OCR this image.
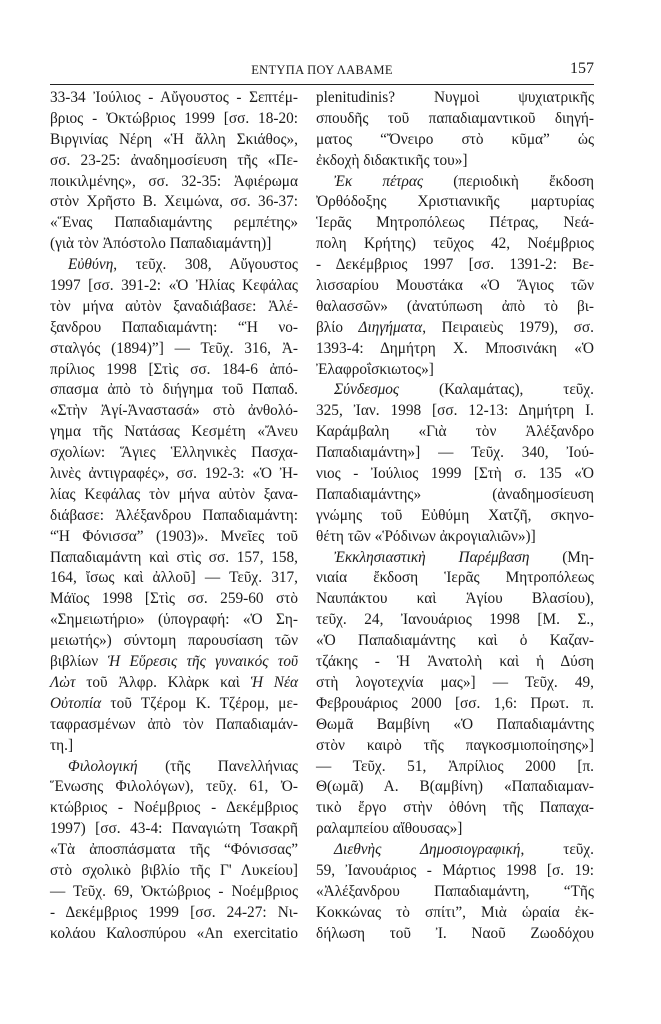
ΕΝΤΥΠΑ ΠΟΥ ΛΑΒΑΜΕ	157
33-34 Ἰούλιος - Αὔγουστος - Σεπτέμ-
βριος - Ὀκτώβριος 1999 [σσ. 18-20:
Βιργινίας Νέρη «Ἡ ἄλλη Σκιάθος»,
σσ. 23-25: ἀναδημοσίευση τῆς «Πε-
ποικιλμένης», σσ. 32-35: Ἀφιέρωμα
στὸν Χρῆστο Β. Χειμώνα, σσ. 36-37:
«Ἕνας Παπαδιαμάντης ρεμπέτης»
(γιὰ τὸν Ἀπόστολο Παπαδιαμάντη)]
Εὐθύνη, τεῦχ. 308, Αὔγουστος
1997 [σσ. 391-2: «Ὁ Ἠλίας Κεφάλας
τὸν μήνα αὐτὸν ξαναδιάβασε: Ἀλέ-
ξανδρου Παπαδιαμάντη: “Ἡ νο-
σταλγός (1894)”] — Τεῦχ. 316, Ἀ-
πρίλιος 1998 [Στὶς σσ. 184-6 ἀπό-
σπασμα ἀπὸ τὸ διήγημα τοῦ Παπαδ.
«Στὴν Ἀγί-Ἀναστασά» στὸ ἀνθολό-
γημα τῆς Νατάσας Κεσμέτη «Ἄνευ
σχολίων: Ἅγιες Ἑλληνικὲς Πασχα-
λινὲς ἀντιγραφές», σσ. 192-3: «Ὁ Ἠ-
λίας Κεφάλας τὸν μήνα αὐτὸν ξανα-
διάβασε: Ἀλέξανδρου Παπαδιαμάντη:
“Ἡ Φόνισσα” (1903)». Μνεῖες τοῦ
Παπαδιαμάντη καὶ στὶς σσ. 157, 158,
164, ἴσως καὶ ἀλλοῦ] — Τεῦχ. 317,
Μάϊος 1998 [Στὶς σσ. 259-60 στὸ
«Σημειωτήριο» (ὑπογραφή: «Ὁ Ση-
μειωτής») σύντομη παρουσίαση τῶν
βιβλίων Ἡ Εὕρεσις τῆς γυναικός τοῦ
Λὼτ τοῦ Ἀλφρ. Κλὰρκ καὶ Ἡ Νέα
Οὐτοπία τοῦ Τζέρομ Κ. Τζέρομ, με-
ταφρασμένων ἀπὸ τὸν Παπαδιαμάν-
τη.]
Φιλολογική (τῆς Πανελλήνιας
Ἕνωσης Φιλολόγων), τεῦχ. 61, Ὀ-
κτώβριος - Νοέμβριος - Δεκέμβριος
1997) [σσ. 43-4: Παναγιώτη Τσακρῆ
«Τὰ ἀποσπάσματα τῆς “Φόνισσας”
στὸ σχολικὸ βιβλίο τῆς Γ' Λυκείου]
— Τεῦχ. 69, Ὀκτώβριος - Νοέμβριος
- Δεκέμβριος 1999 [σσ. 24-27: Νι-
κολάου Καλοσπύρου «An exercitatio
plenitudinis? Νυγμοὶ ψυχιατρικῆς
σπουδῆς τοῦ παπαδιαμαντικοῦ διηγή-
ματος “Ὄνειρο στὸ κῦμα” ὡς
ἐκδοχὴ διδακτικῆς του»]
Ἐκ πέτρας (περιοδικὴ ἔκδοση
Ὀρθόδοξης Χριστιανικῆς μαρτυρίας
Ἱερᾶς Μητροπόλεως Πέτρας, Νεά-
πολη Κρήτης) τεῦχος 42, Νοέμβριος
- Δεκέμβριος 1997 [σσ. 1391-2: Βε-
λισσαρίου Μουστάκα «Ὁ Ἅγιος τῶν
θαλασσῶν» (ἀνατύπωση ἀπὸ τὸ βι-
βλίο Διηγήματα, Πειραιεὺς 1979), σσ.
1393-4: Δημήτρη Χ. Μποσινάκη «Ὁ
Ἐλαφροΐσκιωτος»]
Σύνδεσμος (Καλαμάτας), τεῦχ.
325, Ἰαν. 1998 [σσ. 12-13: Δημήτρη Ι.
Καράμβαλη «Γιὰ τὸν Ἀλέξανδρο
Παπαδιαμάντη»] — Τεῦχ. 340, Ἰού-
νιος - Ἰούλιος 1999 [Στὴ σ. 135 «Ὁ
Παπαδιαμάντης» (ἀναδημοσίευση
γνώμης τοῦ Εὐθύμη Χατζῆ, σκηνο-
θέτη τῶν «Ῥόδινων ἀκρογιαλιῶν»)]
Ἐκκλησιαστικὴ Παρέμβαση (Μη-
νιαία ἔκδοση Ἱερᾶς Μητροπόλεως
Ναυπάκτου καὶ Ἁγίου Βλασίου),
τεῦχ. 24, Ἰανουάριος 1998 [Μ. Σ.,
«Ὁ Παπαδιαμάντης καὶ ὁ Καζαν-
τζάκης - Ἡ Ἀνατολὴ καὶ ἡ Δύση
στὴ λογοτεχνία μας»] — Τεῦχ. 49,
Φεβρουάριος 2000 [σσ. 1,6: Πρωτ. π.
Θωμᾶ Βαμβίνη «Ὁ Παπαδιαμάντης
στὸν καιρὸ τῆς παγκοσμιοποίησης»]
— Τεῦχ. 51, Ἀπρίλιος 2000 [π.
Θ(ωμᾶ) Α. Β(αμβίνη) «Παπαδιαμαν-
τικὸ ἔργο στὴν ὀθόνη τῆς Παπαχα-
ραλαμπείου αἴθουσας»]
Διεθνὴς Δημοσιογραφική, τεῦχ.
59, Ἰανουάριος - Μάρτιος 1998 [σ. 19:
«Ἀλέξανδρου Παπαδιαμάντη, “Τῆς
Κοκκώνας τὸ σπίτι”, Μιὰ ὡραία ἐκ-
δήλωση τοῦ Ἰ. Ναοῦ Ζωοδόχου
